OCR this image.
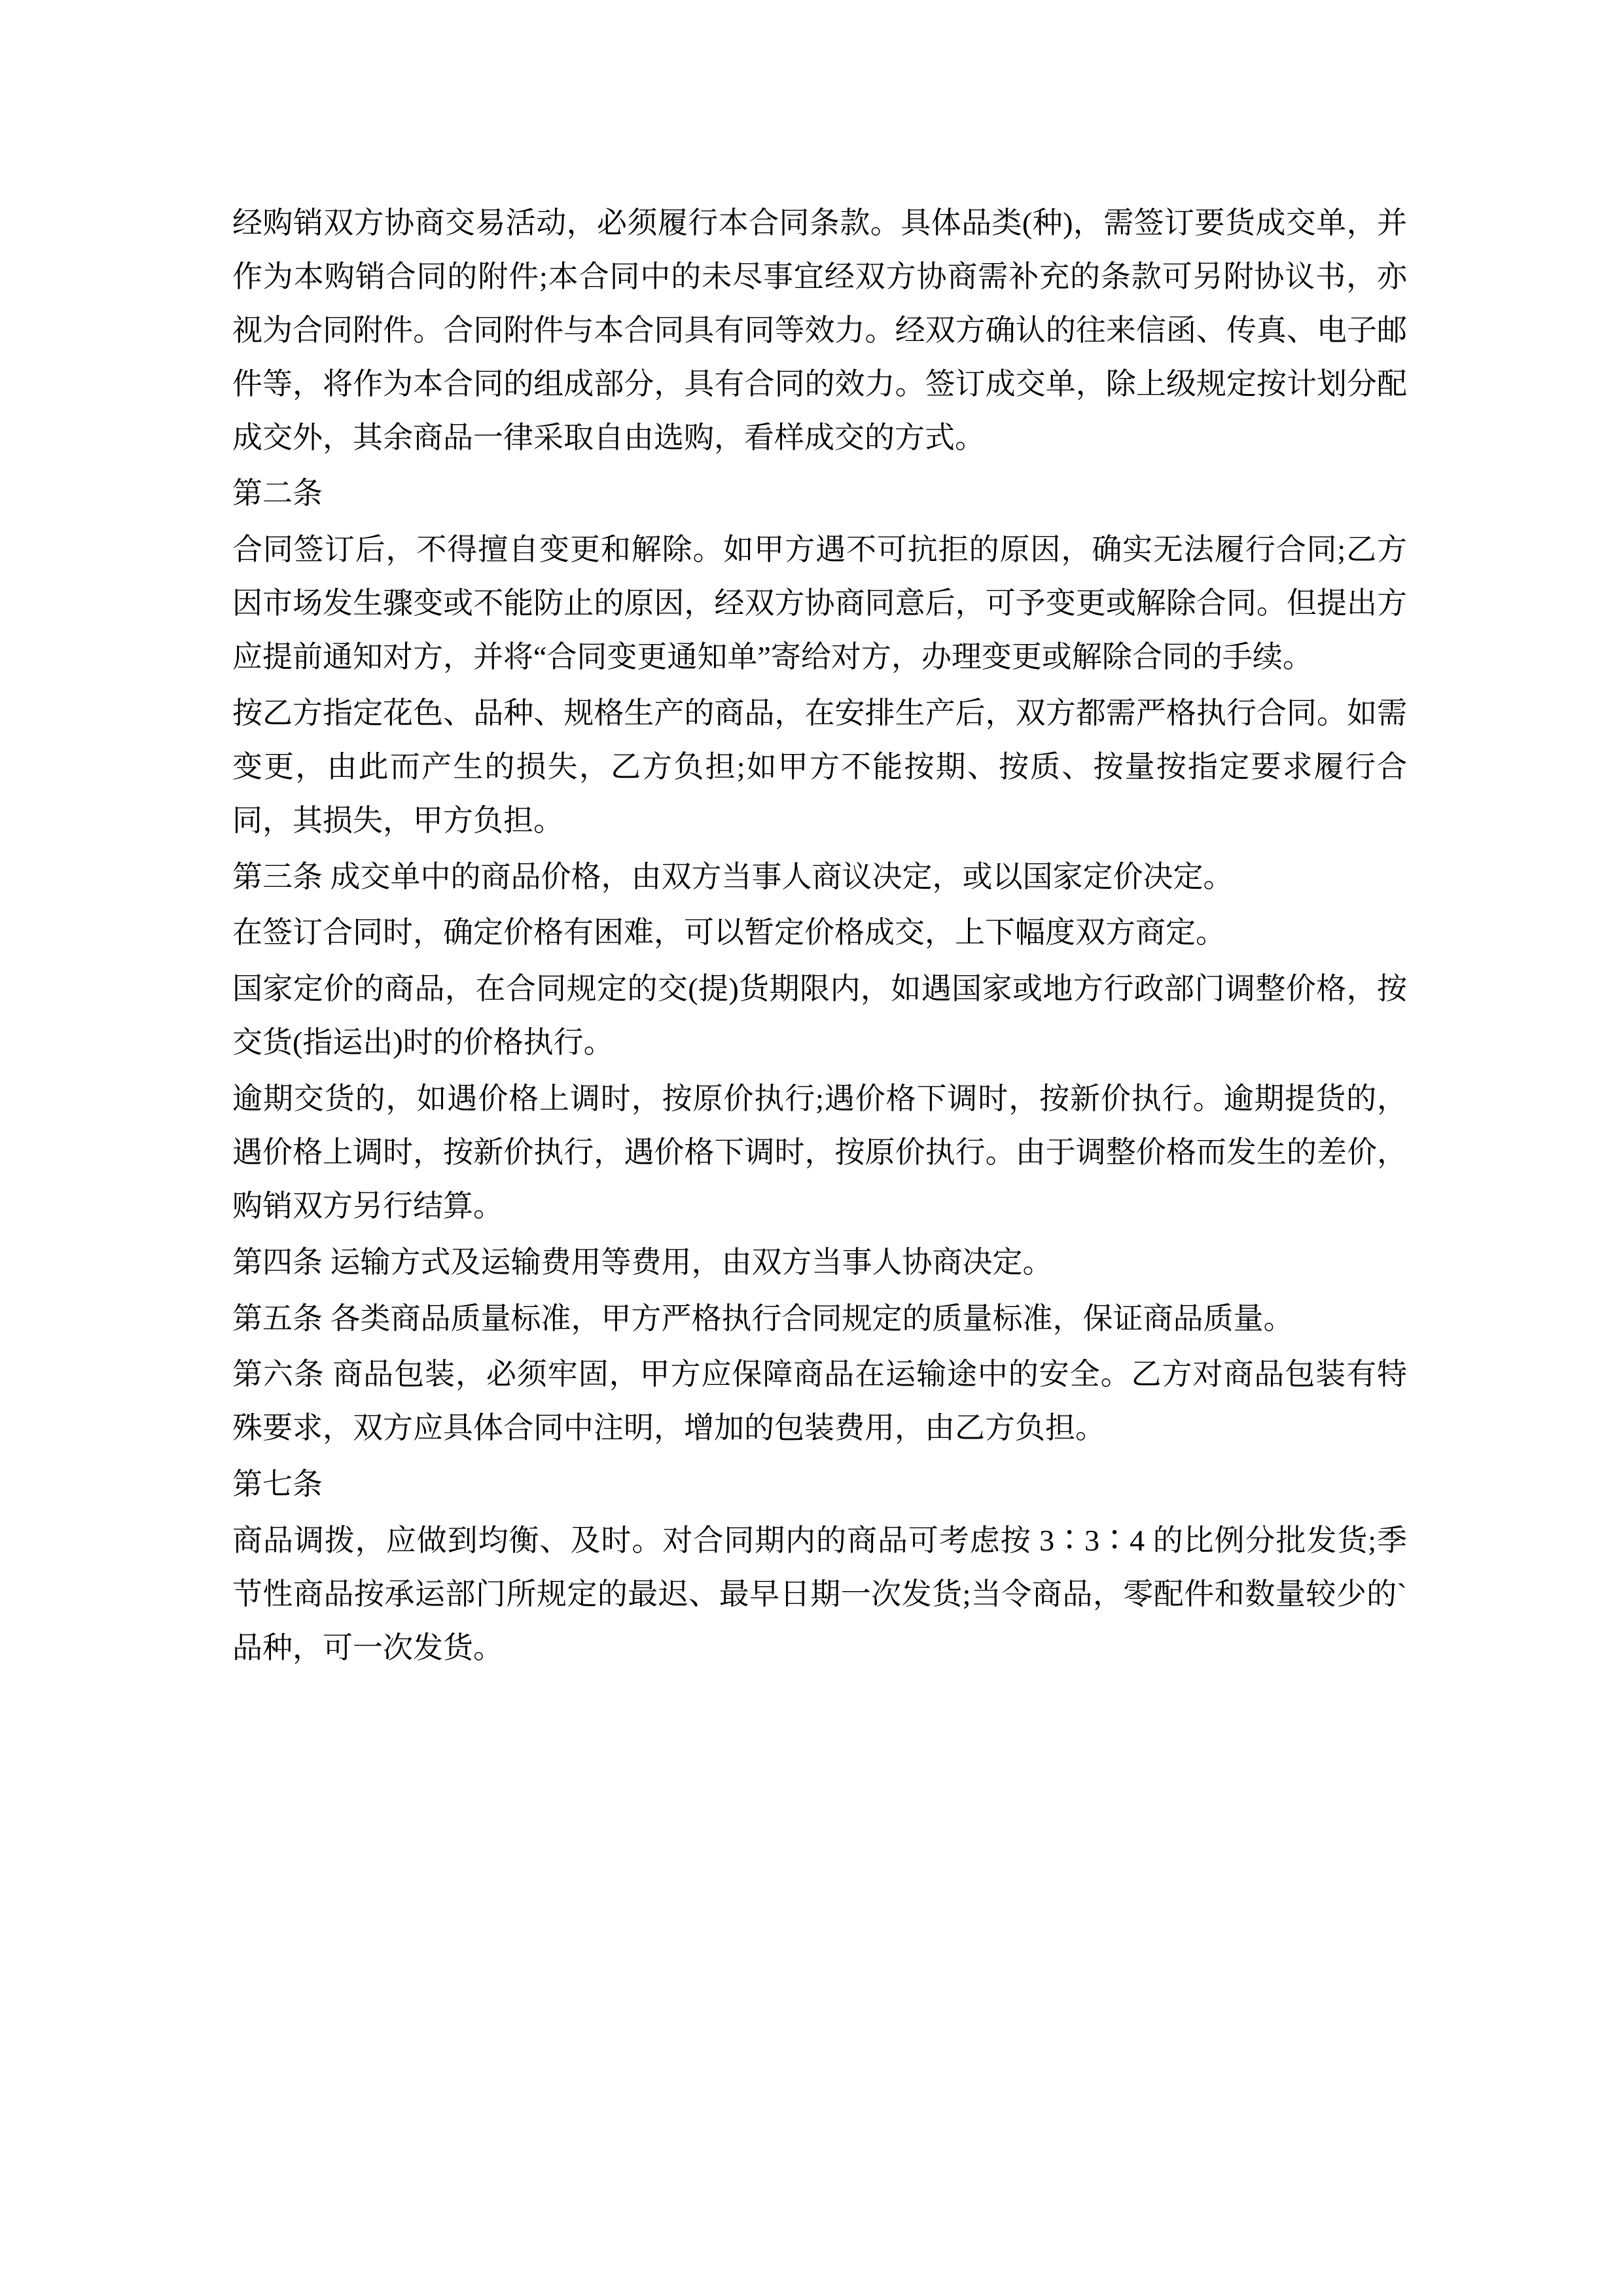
经购销双方协商交易活动，必须履行本合同条款。具体品类(种)，需签订要货成交单，并作为本购销合同的附件;本合同中的未尽事宜经双方协商需补充的条款可另附协议书，亦视为合同附件。合同附件与本合同具有同等效力。经双方确认的往来信函、传真、电子邮件等，将作为本合同的组成部分，具有合同的效力。签订成交单，除上级规定按计划分配成交外，其余商品一律采取自由选购，看样成交的方式。

第二条

合同签订后，不得擅自变更和解除。如甲方遇不可抗拒的原因，确实无法履行合同;乙方因市场发生骤变或不能防止的原因，经双方协商同意后，可予变更或解除合同。但提出方应提前通知对方，并将“合同变更通知单”寄给对方，办理变更或解除合同的手续。

按乙方指定花色、品种、规格生产的商品，在安排生产后，双方都需严格执行合同。如需变更，由此而产生的损失，乙方负担;如甲方不能按期、按质、按量按指定要求履行合同，其损失，甲方负担。

第三条 成交单中的商品价格，由双方当事人商议决定，或以国家定价决定。

在签订合同时，确定价格有困难，可以暂定价格成交，上下幅度双方商定。

国家定价的商品，在合同规定的交(提)货期限内，如遇国家或地方行政部门调整价格，按交货(指运出)时的价格执行。

逾期交货的，如遇价格上调时，按原价执行;遇价格下调时，按新价执行。逾期提货的，遇价格上调时，按新价执行，遇价格下调时，按原价执行。由于调整价格而发生的差价，购销双方另行结算。

第四条 运输方式及运输费用等费用，由双方当事人协商决定。

第五条 各类商品质量标准，甲方严格执行合同规定的质量标准，保证商品质量。

第六条 商品包装，必须牢固，甲方应保障商品在运输途中的安全。乙方对商品包装有特殊要求，双方应具体合同中注明，增加的包装费用，由乙方负担。

第七条

商品调拨，应做到均衡、及时。对合同期内的商品可考虑按 3∶3∶4 的比例分批发货;季节性商品按承运部门所规定的最迟、最早日期一次发货;当令商品，零配件和数量较少的`品种，可一次发货。
